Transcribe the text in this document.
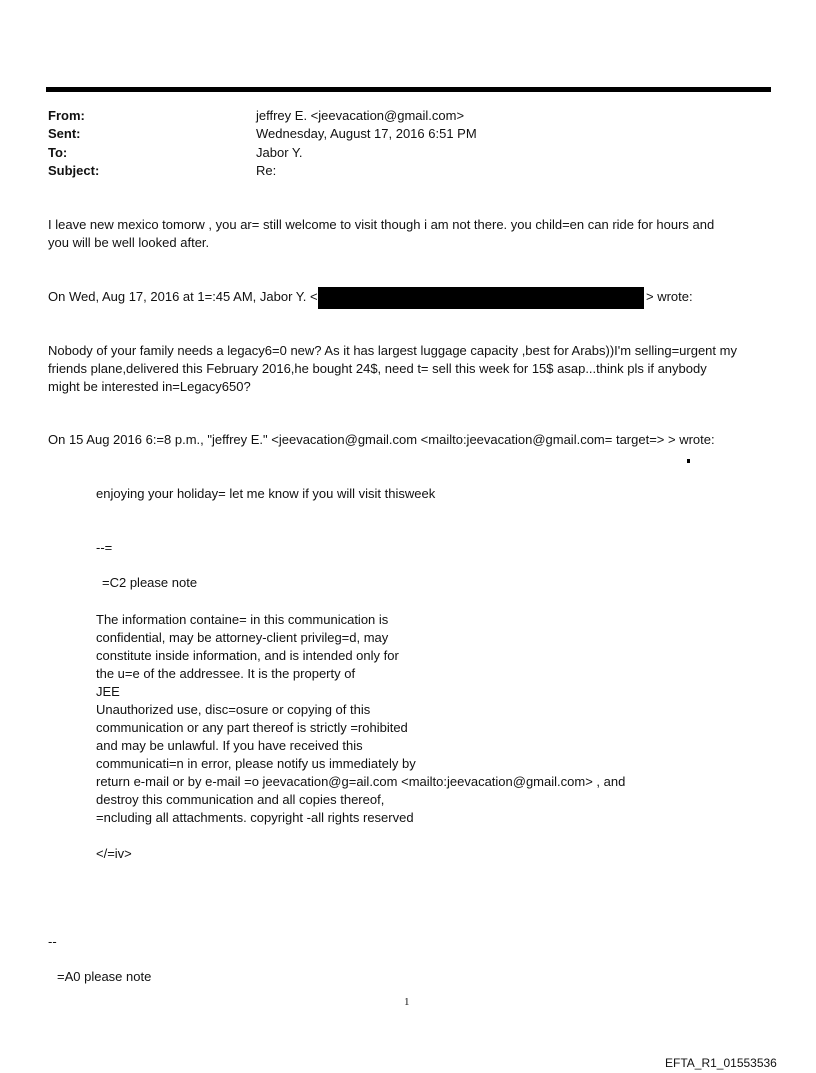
From:	jeffrey E. <jeevacation@gmail.com>
Sent:	Wednesday, August 17, 2016 6:51 PM
To:	Jabor Y.
Subject:	Re:
I leave new mexico tomorw , you ar= still welcome to visit though i am not there. you child=en can ride for hours and
you will be well looked after.
On Wed, Aug 17, 2016 at 1=:45 AM, Jabor Y. <	> wrote:
Nobody of your family needs a legacy6=0 new? As it has largest luggage capacity ,best for Arabs))I'm selling=urgent my
friends plane,delivered this February 2016,he bought 24$, need t= sell this week for 15$ asap...think pls if anybody
might be interested in=Legacy650?
On 15 Aug 2016 6:=8 p.m., "jeffrey E." <jeevacation@gmail.com <mailto:jeevacation@gmail.com= target=> > wrote:
enjoying your holiday= let me know if you will visit thisweek
--=
=C2 please note
The information containe= in this communication is
confidential, may be attorney-client privileg=d, may
constitute inside information, and is intended only for
the u=e of the addressee. It is the property of
JEE
Unauthorized use, disc=osure or copying of this
communication or any part thereof is strictly =rohibited
and may be unlawful. If you have received this
communicati=n in error, please notify us immediately by
return e-mail or by e-mail =o jeevacation@g=ail.com <mailto:jeevacation@gmail.com> , and
destroy this communication and all copies thereof,
=ncluding all attachments. copyright -all rights reserved
</=iv>
--
=A0 please note
1
EFTA_R1_01553536
